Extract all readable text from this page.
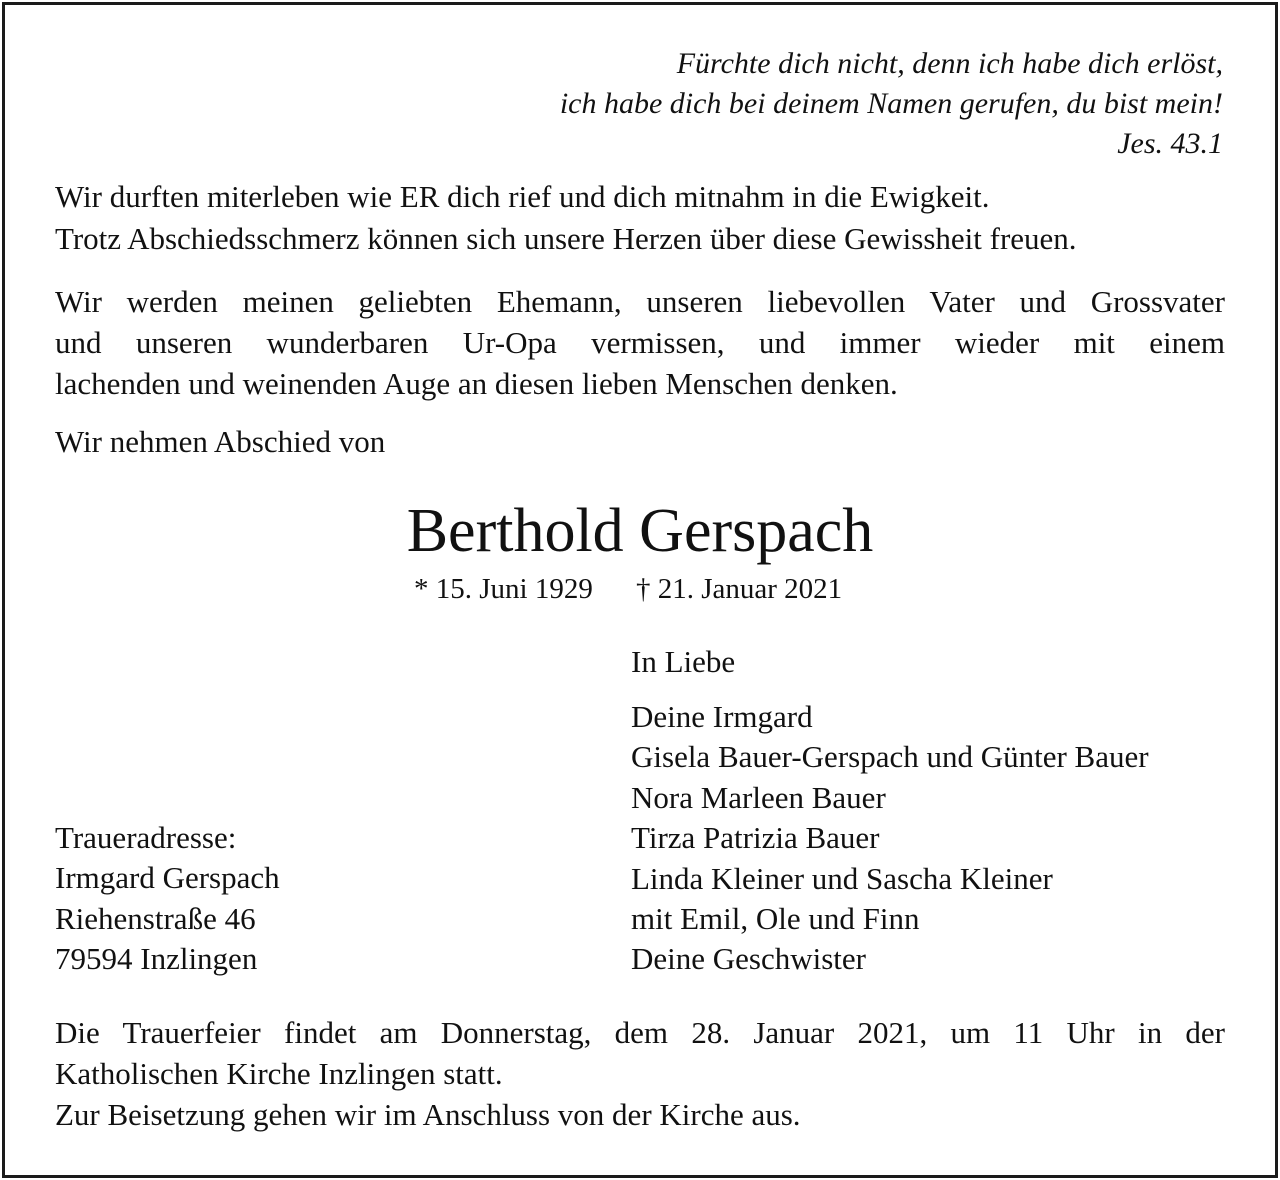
Fürchte dich nicht, denn ich habe dich erlöst,
ich habe dich bei deinem Namen gerufen, du bist mein!
Jes. 43.1
Wir durften miterleben wie ER dich rief und dich mitnahm in die Ewigkeit.
Trotz Abschiedsschmerz können sich unsere Herzen über diese Gewissheit freuen.
Wir werden meinen geliebten Ehemann, unseren liebevollen Vater und Grossvater
und unseren wunderbaren Ur-Opa vermissen, und immer wieder mit einem
lachenden und weinenden Auge an diesen lieben Menschen denken.
Wir nehmen Abschied von
Berthold Gerspach
* 15. Juni 1929 † 21. Januar 2021
In Liebe
Deine Irmgard
Gisela Bauer-Gerspach und Günter Bauer
Nora Marleen Bauer
Tirza Patrizia Bauer
Linda Kleiner und Sascha Kleiner
mit Emil, Ole und Finn
Deine Geschwister
Traueradresse:
Irmgard Gerspach
Riehenstraße 46
79594 Inzlingen
Die Trauerfeier findet am Donnerstag, dem 28. Januar 2021, um 11 Uhr in der
Katholischen Kirche Inzlingen statt.
Zur Beisetzung gehen wir im Anschluss von der Kirche aus.
